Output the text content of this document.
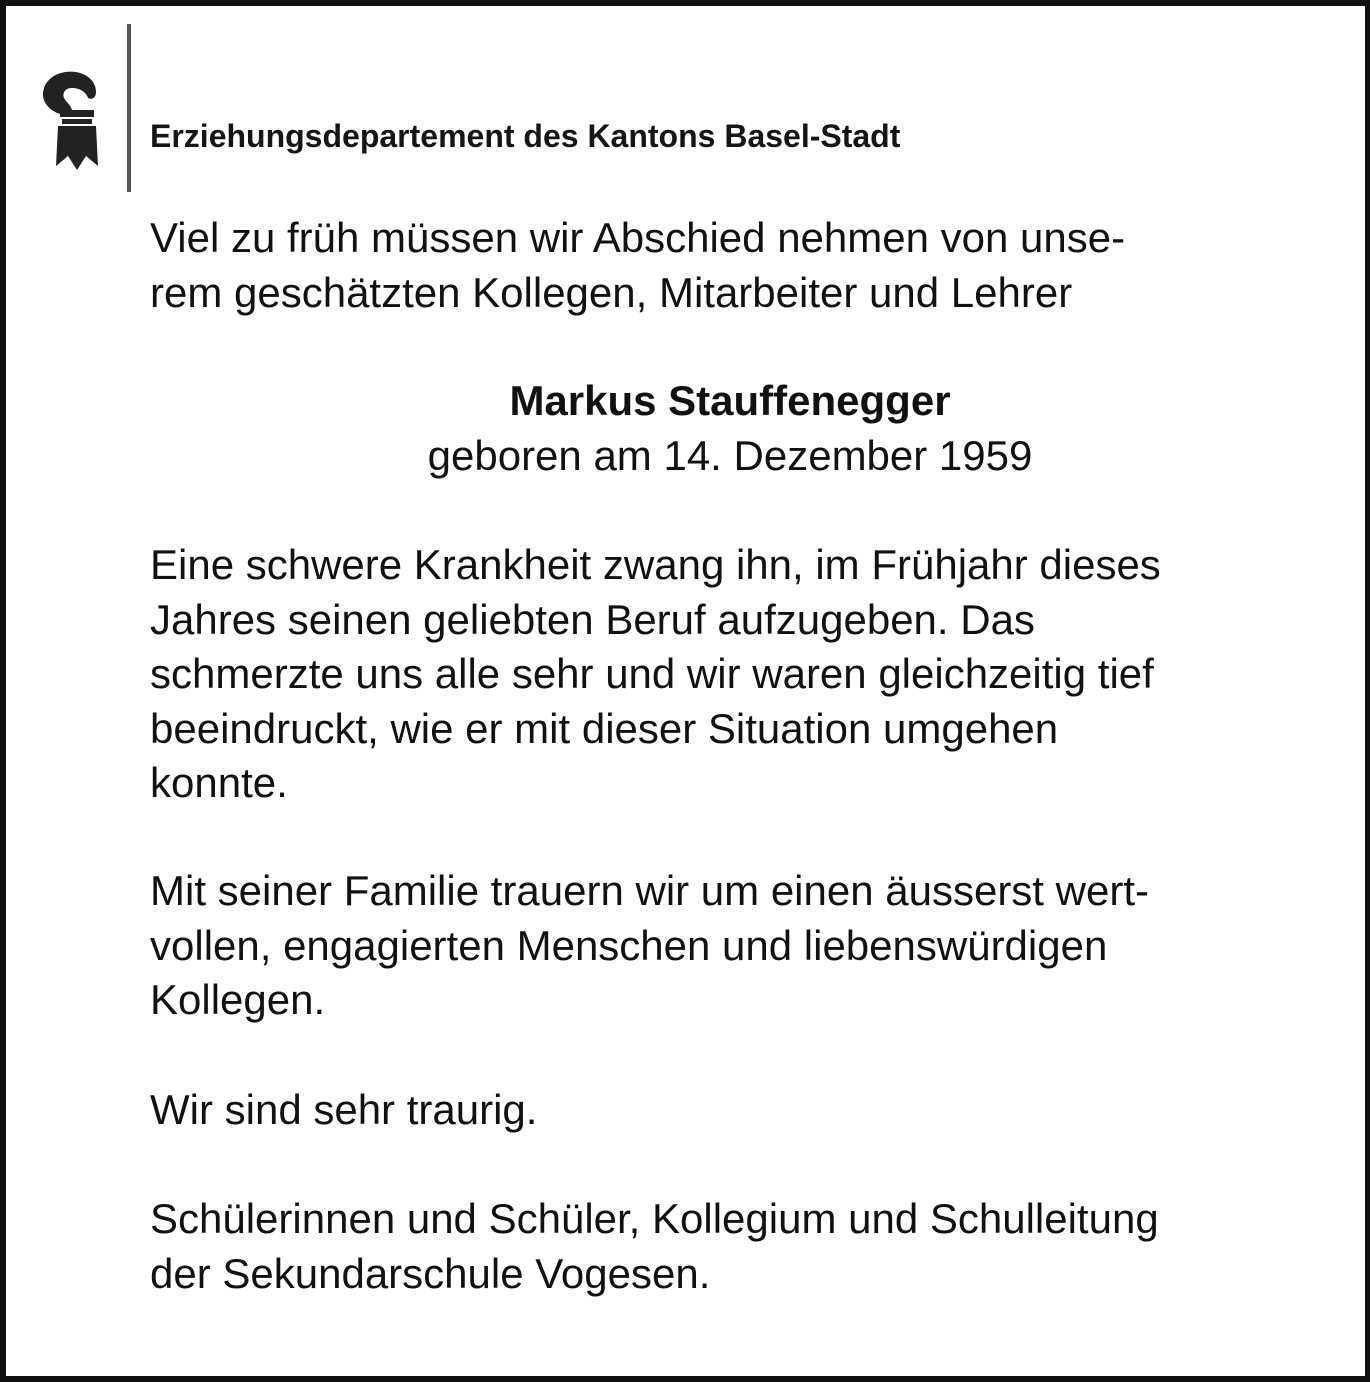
Erziehungsdepartement des Kantons Basel-Stadt

Viel zu früh müssen wir Abschied nehmen von unse-
rem geschätzten Kollegen, Mitarbeiter und Lehrer

Markus Stauffenegger
geboren am 14. Dezember 1959

Eine schwere Krankheit zwang ihn, im Frühjahr dieses
Jahres seinen geliebten Beruf aufzugeben. Das
schmerzte uns alle sehr und wir waren gleichzeitig tief
beeindruckt, wie er mit dieser Situation umgehen
konnte.

Mit seiner Familie trauern wir um einen äusserst wert-
vollen, engagierten Menschen und liebenswürdigen
Kollegen.

Wir sind sehr traurig.

Schülerinnen und Schüler, Kollegium und Schulleitung
der Sekundarschule Vogesen.
